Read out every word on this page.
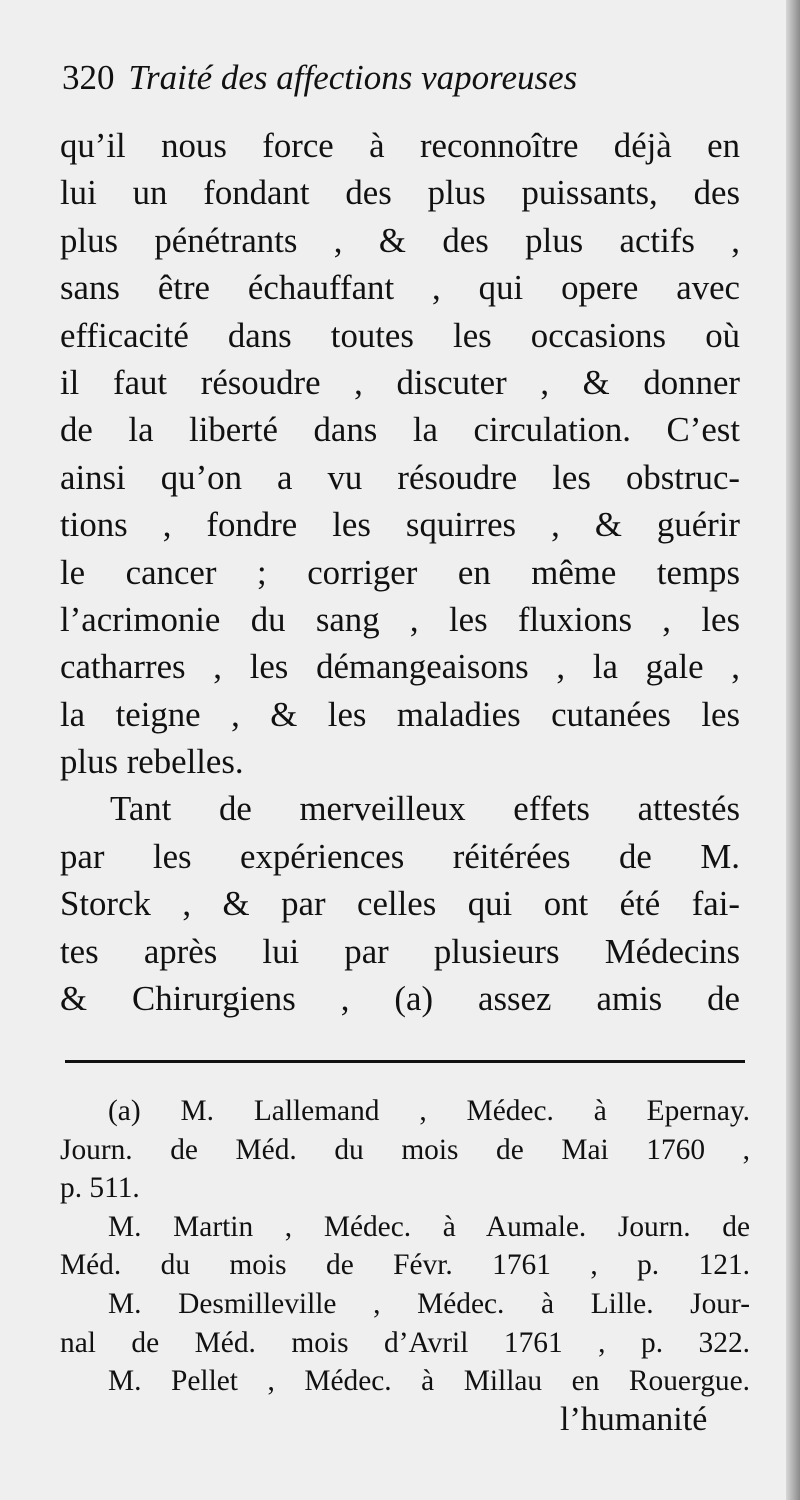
320 Traité des affections vaporeuses
qu’il nous force à reconnoître déjà en
lui un fondant des plus puissants, des
plus pénétrants , & des plus actifs ,
sans être échauffant , qui opere avec
efficacité dans toutes les occasions où
il faut résoudre , discuter , & donner
de la liberté dans la circulation. C’est
ainsi qu’on a vu résoudre les obstruc-
tions , fondre les squirres , & guérir
le cancer ; corriger en même temps
l’acrimonie du sang , les fluxions , les
catharres , les démangeaisons , la gale ,
la teigne , & les maladies cutanées les
plus rebelles.
Tant de merveilleux effets attestés
par les expériences réitérées de M.
Storck , & par celles qui ont été fai-
tes après lui par plusieurs Médecins
& Chirurgiens , (a) assez amis de
(a) M. Lallemand , Médec. à Epernay.
Journ. de Méd. du mois de Mai 1760 ,
p. 511.
M. Martin , Médec. à Aumale. Journ. de
Méd. du mois de Févr. 1761 , p. 121.
M. Desmilleville , Médec. à Lille. Jour-
nal de Méd. mois d’Avril 1761 , p. 322.
M. Pellet , Médec. à Millau en Rouergue.
l’humanité
